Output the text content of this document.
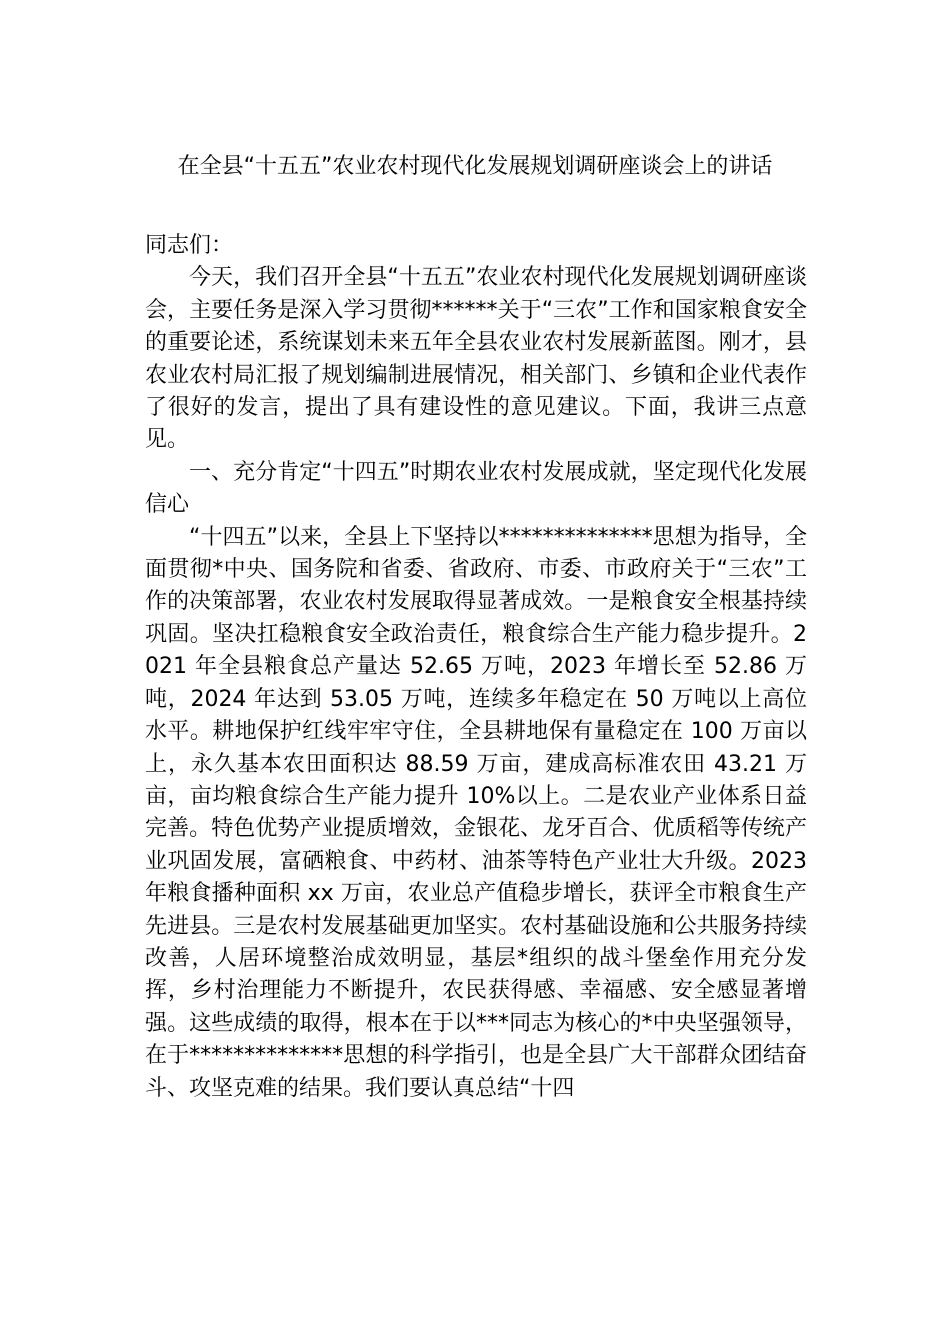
在全县“十五五”农业农村现代化发展规划调研座谈会上的讲话

同志们：

今天，我们召开全县“十五五”农业农村现代化发展规划调研座谈会，主要任务是深入学习贯彻******关于“三农”工作和国家粮食安全的重要论述，系统谋划未来五年全县农业农村发展新蓝图。刚才，县农业农村局汇报了规划编制进展情况，相关部门、乡镇和企业代表作了很好的发言，提出了具有建设性的意见建议。下面，我讲三点意见。

一、充分肯定“十四五”时期农业农村发展成就，坚定现代化发展信心

“十四五”以来，全县上下坚持以**************思想为指导，全面贯彻*中央、国务院和省委、省政府、市委、市政府关于“三农”工作的决策部署，农业农村发展取得显著成效。一是粮食安全根基持续巩固。坚决扛稳粮食安全政治责任，粮食综合生产能力稳步提升。2021 年全县粮食总产量达 52.65 万吨，2023 年增长至 52.86 万吨，2024 年达到 53.05 万吨，连续多年稳定在 50 万吨以上高位水平。耕地保护红线牢牢守住，全县耕地保有量稳定在 100 万亩以上，永久基本农田面积达 88.59 万亩，建成高标准农田 43.21 万亩，亩均粮食综合生产能力提升 10%以上。二是农业产业体系日益完善。特色优势产业提质增效，金银花、龙牙百合、优质稻等传统产业巩固发展，富硒粮食、中药材、油茶等特色产业壮大升级。2023 年粮食播种面积 xx 万亩，农业总产值稳步增长，获评全市粮食生产先进县。三是农村发展基础更加坚实。农村基础设施和公共服务持续改善，人居环境整治成效明显，基层*组织的战斗堡垒作用充分发挥，乡村治理能力不断提升，农民获得感、幸福感、安全感显著增强。这些成绩的取得，根本在于以***同志为核心的*中央坚强领导，在于**************思想的科学指引，也是全县广大干部群众团结奋斗、攻坚克难的结果。我们要认真总结“十四
